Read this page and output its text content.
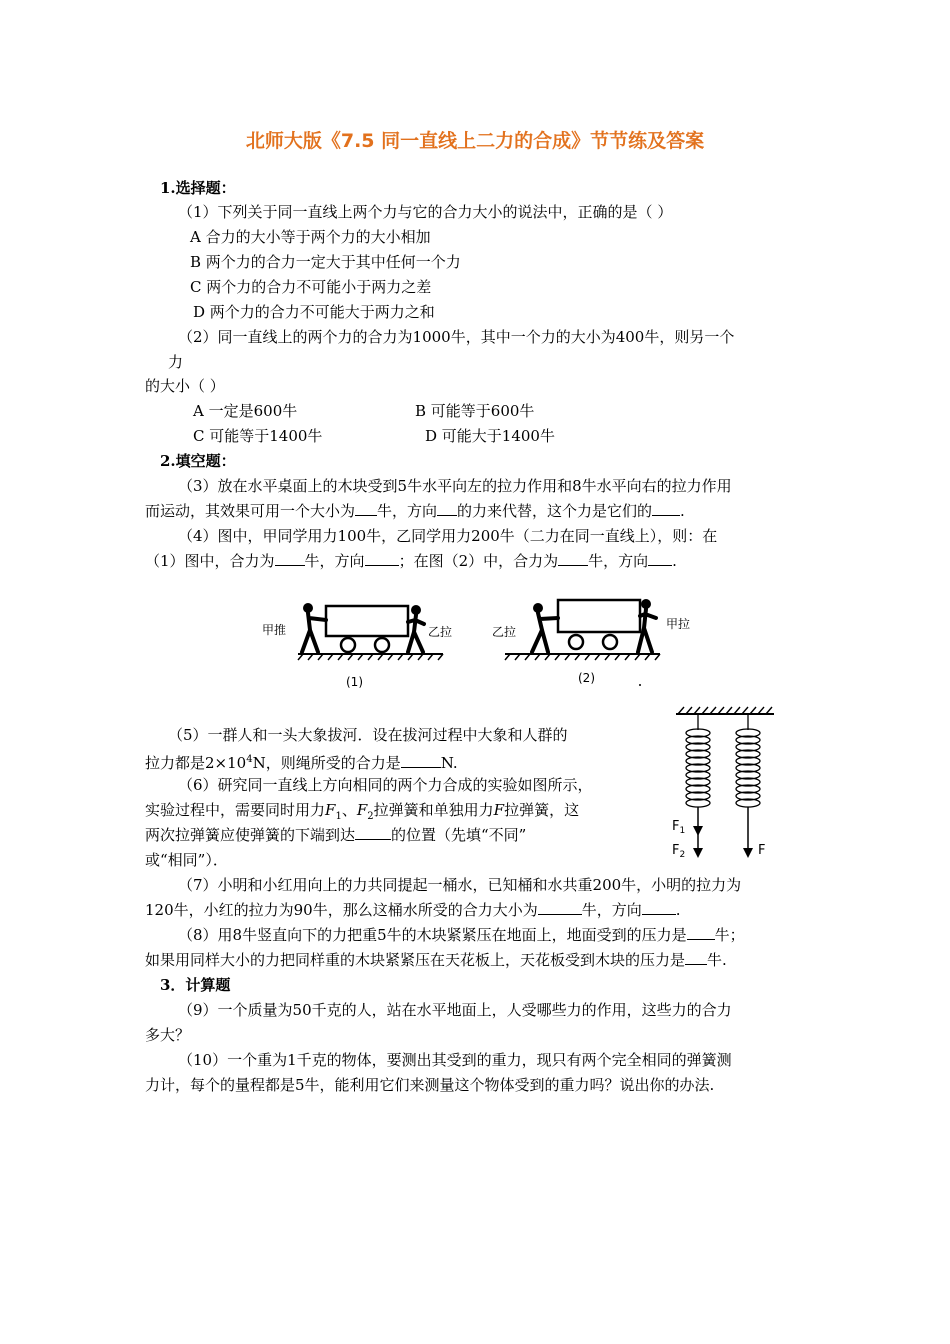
北师大版《7.5 同一直线上二力的合成》节节练及答案
1.选择题：
（1）下列关于同一直线上两个力与它的合力大小的说法中，正确的是（ ）
A 合力的大小等于两个力的大小相加
B 两个力的合力一定大于其中任何一个力
C 两个力的合力不可能小于两力之差
D 两个力的合力不可能大于两力之和
（2）同一直线上的两个力的合力为1000牛，其中一个力的大小为400牛，则另一个
力
的大小（ ）
A 一定是600牛	B 可能等于600牛
C 可能等于1400牛	D 可能大于1400牛
2.填空题：
（3）放在水平桌面上的木块受到5牛水平向左的拉力作用和8牛水平向右的拉力作用
而运动，其效果可用一个大小为 牛，方向 的力来代替，这个力是它们的 .
（4）图中，甲同学用力100牛，乙同学用力200牛（二力在同一直线上），则：在
（1）图中，合力为 牛，方向 ；在图（2）中，合力为 牛，方向 .
甲推	乙拉
(1)
乙拉
甲拉
(2)
（5）一群人和一头大象拔河．设在拔河过程中大象和人群的
拉力都是$2\times 10^4N$，则绳所受的合力是	N.
（6）研究同一直线上方向相同的两个力合成的实验如图所示，
实验过程中，需要同时用力$F_1$、$F_2$拉弹簧和单独用力F拉弹簧，这
两次拉弹簧应使弹簧的下端到达 的位置（先填“不同”
或“相同”）．
$F_1$
$F_2$	F
（7）小明和小红用向上的力共同提起一桶水，已知桶和水共重200牛，小明的拉力为
120牛，小红的拉力为90牛，那么这桶水所受的合力大小为	牛，方向 .
（8）用8牛竖直向下的力把重5牛的木块紧紧压在地面上，地面受到的压力是 牛；
如果用同样大小的力把同样重的木块紧紧压在天花板上，天花板受到木块的压力是 牛.
3．计算题
（9）一个质量为50千克的人，站在水平地面上，人受哪些力的作用，这些力的合力
多大？
（10）一个重为1千克的物体，要测出其受到的重力，现只有两个完全相同的弹簧测
力计，每个的量程都是5牛，能利用它们来测量这个物体受到的重力吗？说出你的办法.
